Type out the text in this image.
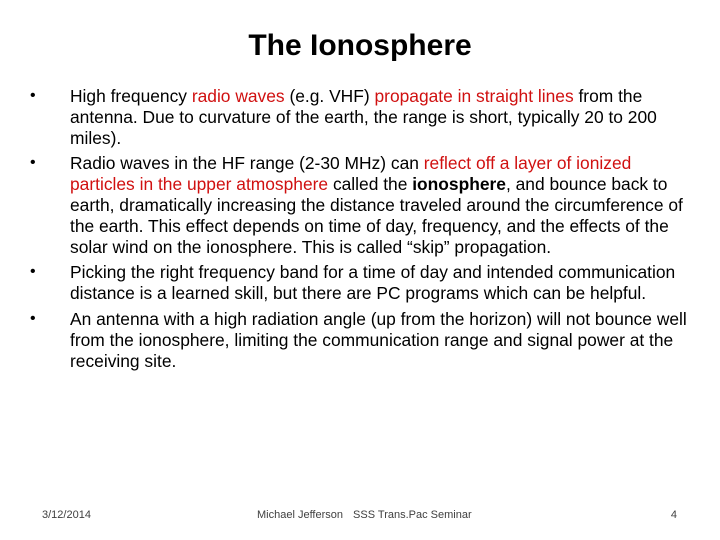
The Ionosphere
•	High frequency radio waves (e.g. VHF) propagate in straight lines from the antenna. Due to curvature of the earth, the range is short, typically 20 to 200 miles).
•	Radio waves in the HF range (2-30 MHz) can reflect off a layer of ionized particles in the upper atmosphere called the ionosphere, and bounce back to earth, dramatically increasing the distance traveled around the circumference of the earth. This effect depends on time of day, frequency, and the effects of the solar wind on the ionosphere. This is called “skip” propagation.
•	Picking the right frequency band for a time of day and intended communication distance is a learned skill, but there are PC programs which can be helpful.
•	An antenna with a high radiation angle (up from the horizon) will not bounce well from the ionosphere, limiting the communication range and signal power at the receiving site.
3/12/2014	Michael Jefferson SSS Trans.Pac Seminar	4
